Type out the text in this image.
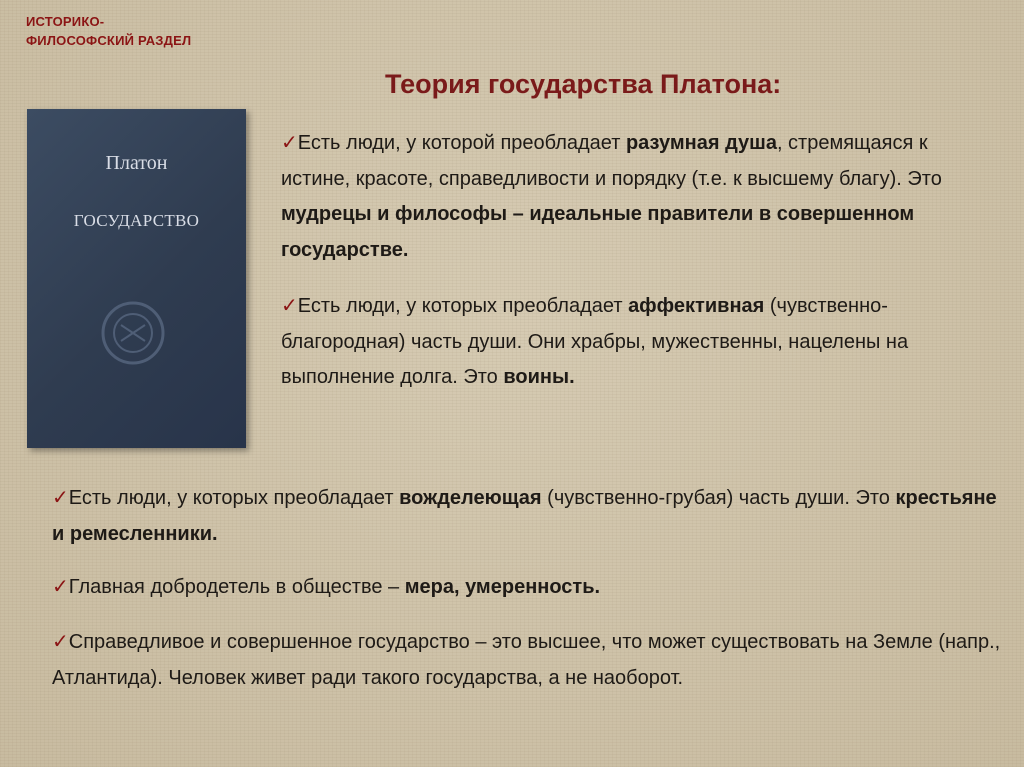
ИСТОРИКО-
ФИЛОСОФСКИЙ РАЗДЕЛ
Теория государства Платона:
Платон
ГОСУДАРСТВО
✓Есть люди, у которой преобладает разумная душа, стремящаяся к истине, красоте, справедливости и порядку (т.е. к высшему благу). Это мудрецы и философы – идеальные правители в совершенном государстве.
✓Есть люди, у которых преобладает аффективная (чувственно-благородная) часть души. Они храбры, мужественны, нацелены на выполнение долга. Это воины.
✓Есть люди, у которых преобладает вожделеющая (чувственно-грубая) часть души. Это крестьяне и ремесленники.
✓Главная добродетель в обществе – мера, умеренность.
✓Справедливое и совершенное государство – это высшее, что может существовать на Земле (напр., Атлантида). Человек живет ради такого государства, а не наоборот.
